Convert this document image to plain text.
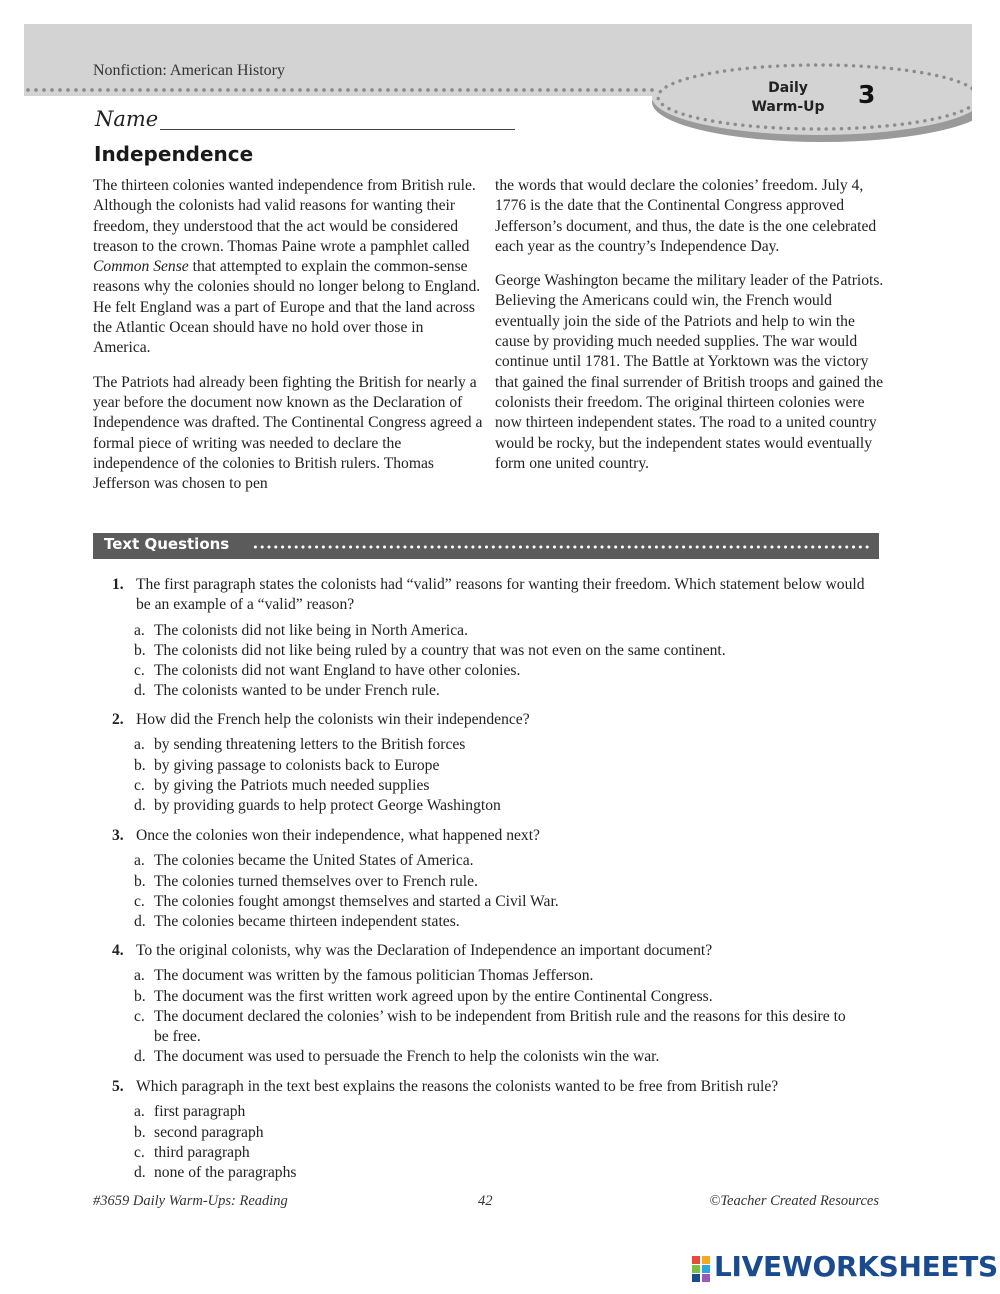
Nonfiction: American History
Daily
Warm-Up	3
Name
Independence

The thirteen colonies wanted independence from British rule. Although the colonists had valid reasons for wanting their freedom, they understood that the act would be considered treason to the crown. Thomas Paine wrote a pamphlet called Common Sense that attempted to explain the common-sense reasons why the colonies should no longer belong to England. He felt England was a part of Europe and that the land across the Atlantic Ocean should have no hold over those in America.

The Patriots had already been fighting the British for nearly a year before the document now known as the Declaration of Independence was drafted. The Continental Congress agreed a formal piece of writing was needed to declare the independence of the colonies to British rulers. Thomas Jefferson was chosen to pen

the words that would declare the colonies’ freedom. July 4, 1776 is the date that the Continental Congress approved Jefferson’s document, and thus, the date is the one celebrated each year as the country’s Independence Day.

George Washington became the military leader of the Patriots. Believing the Americans could win, the French would eventually join the side of the Patriots and help to win the cause by providing much needed supplies. The war would continue until 1781. The Battle at Yorktown was the victory that gained the final surrender of British troops and gained the colonists their freedom. The original thirteen colonies were now thirteen independent states. The road to a united country would be rocky, but the independent states would eventually form one united country.

Text Questions
1. The first paragraph states the colonists had “valid” reasons for wanting their freedom. Which statement below would be an example of a “valid” reason?
a. The colonists did not like being in North America.
b. The colonists did not like being ruled by a country that was not even on the same continent.
c. The colonists did not want England to have other colonies.
d. The colonists wanted to be under French rule.
2. How did the French help the colonists win their independence?
a. by sending threatening letters to the British forces
b. by giving passage to colonists back to Europe
c. by giving the Patriots much needed supplies
d. by providing guards to help protect George Washington
3. Once the colonies won their independence, what happened next?
a. The colonies became the United States of America.
b. The colonies turned themselves over to French rule.
c. The colonies fought amongst themselves and started a Civil War.
d. The colonies became thirteen independent states.
4. To the original colonists, why was the Declaration of Independence an important document?
a. The document was written by the famous politician Thomas Jefferson.
b. The document was the first written work agreed upon by the entire Continental Congress.
c. The document declared the colonies’ wish to be independent from British rule and the reasons for this desire to be free.
d. The document was used to persuade the French to help the colonists win the war.
5. Which paragraph in the text best explains the reasons the colonists wanted to be free from British rule?
a. first paragraph
b. second paragraph
c. third paragraph
d. none of the paragraphs
#3659 Daily Warm-Ups: Reading	42	©Teacher Created Resources
LIVEWORKSHEETS
